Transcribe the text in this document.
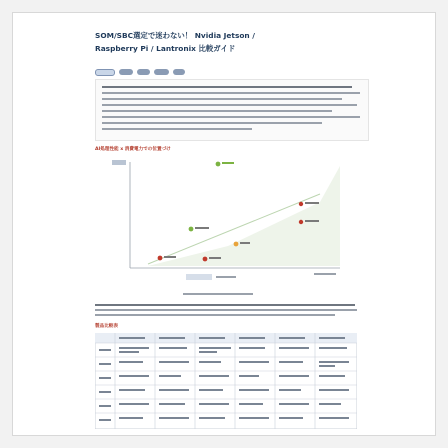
SOM/SBC選定で迷わない！ Nvidia Jetson /
Raspberry Pi / Lantronix 比較ガイド
AI処理性能 x 消費電力での位置づけ
製品比較表
